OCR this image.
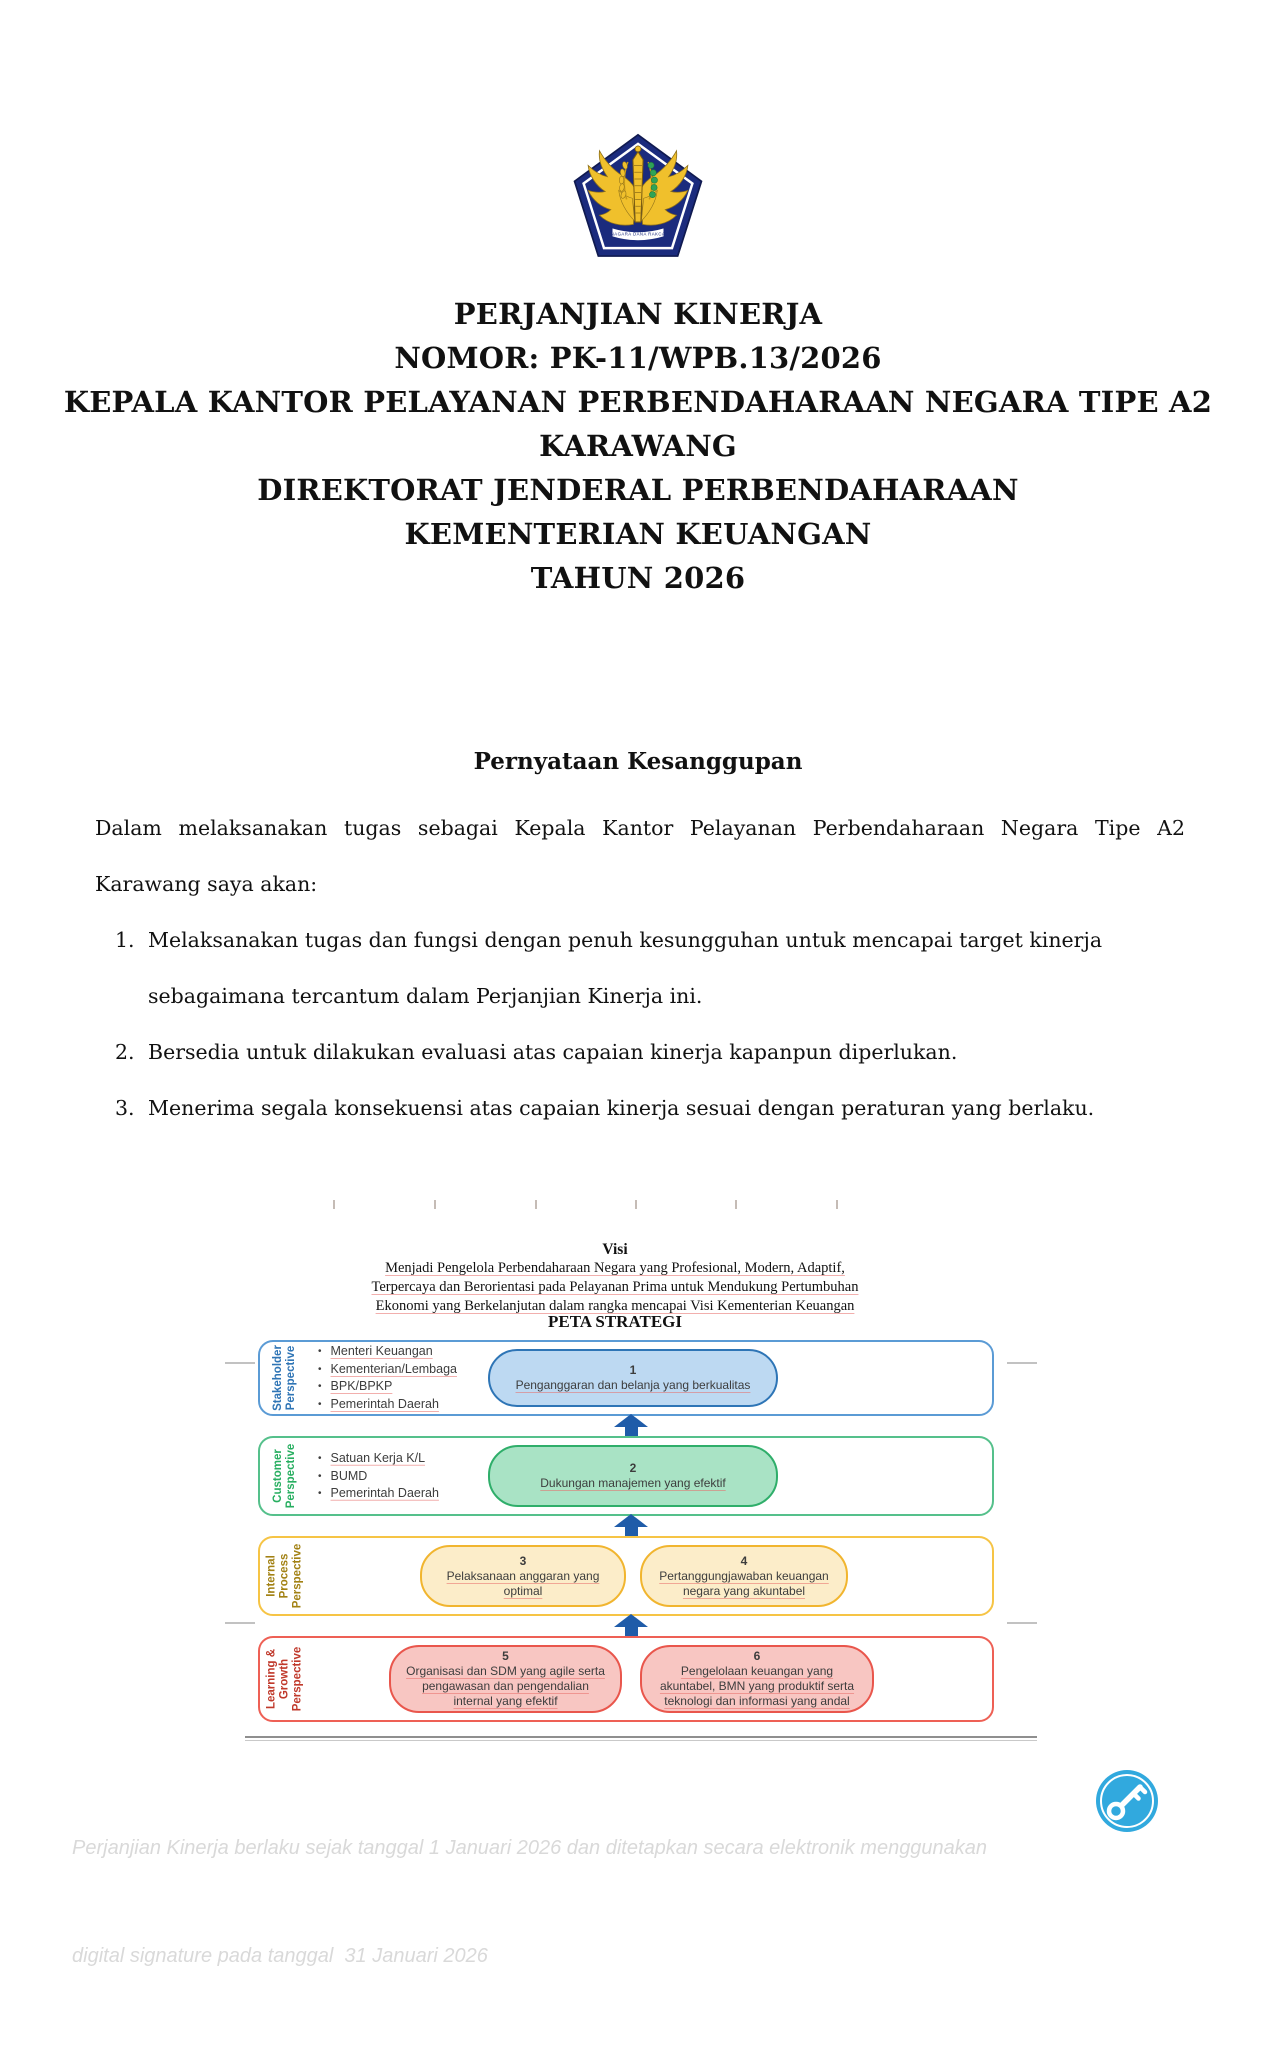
NAGARA DANA RAKCA
PERJANJIAN KINERJA
NOMOR: PK-11/WPB.13/2026
KEPALA KANTOR PELAYANAN PERBENDAHARAAN NEGARA TIPE A2
KARAWANG
DIREKTORAT JENDERAL PERBENDAHARAAN
KEMENTERIAN KEUANGAN
TAHUN 2026
Pernyataan Kesanggupan
Dalam melaksanakan tugas sebagai Kepala Kantor Pelayanan Perbendaharaan Negara Tipe A2 Karawang saya akan:
1. Melaksanakan tugas dan fungsi dengan penuh kesungguhan untuk mencapai target kinerja sebagaimana tercantum dalam Perjanjian Kinerja ini.
2. Bersedia untuk dilakukan evaluasi atas capaian kinerja kapanpun diperlukan.
3. Menerima segala konsekuensi atas capaian kinerja sesuai dengan peraturan yang berlaku.
Visi
Menjadi Pengelola Perbendaharaan Negara yang Profesional, Modern, Adaptif,
Terpercaya dan Berorientasi pada Pelayanan Prima untuk Mendukung Pertumbuhan
Ekonomi yang Berkelanjutan dalam rangka mencapai Visi Kementerian Keuangan
PETA STRATEGI
Stakeholder Perspective • Menteri Keuangan
• Kementerian/Lembaga
• BPK/BPKP
• Pemerintah Daerah
1
Penganggaran dan belanja yang berkualitas
Customer Perspective • Satuan Kerja K/L
• BUMD
• Pemerintah Daerah
2
Dukungan manajemen yang efektif
Internal Process Perspective	3
Pelaksanaan anggaran yang optimal
4
Pertanggungjawaban keuangan negara yang akuntabel
Learning & Growth Perspective	5
Organisasi dan SDM yang agile serta pengawasan dan pengendalian internal yang efektif
6
Pengelolaan keuangan yang akuntabel, BMN yang produktif serta teknologi dan informasi yang andal

Perjanjian Kinerja berlaku sejak tanggal 1 Januari 2026 dan ditetapkan secara elektronik menggunakan

digital signature pada tanggal  31 Januari 2026
